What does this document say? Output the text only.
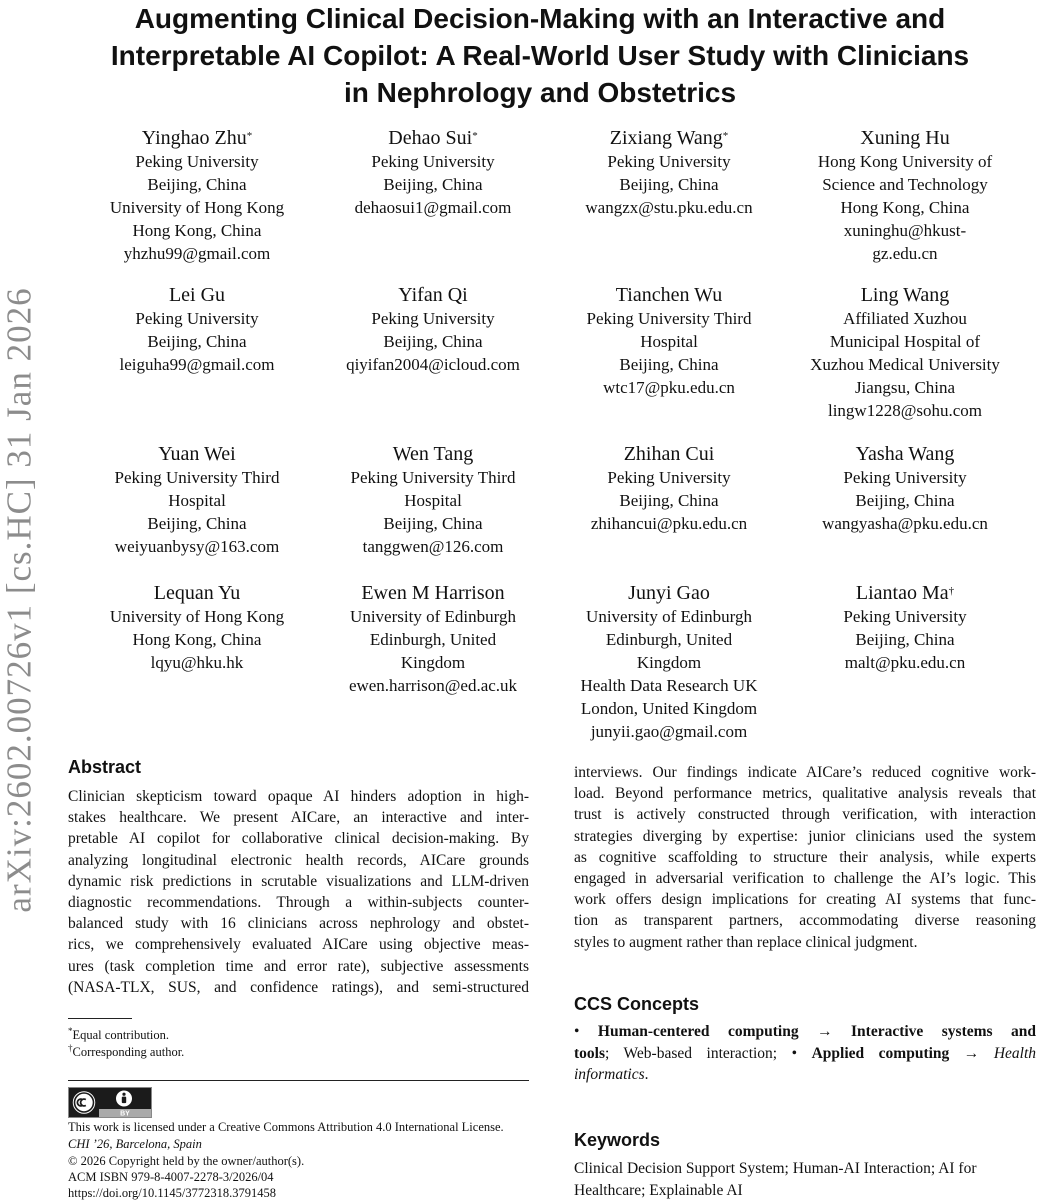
Augmenting Clinical Decision-Making with an Interactive and
Interpretable AI Copilot: A Real-World User Study with Clinicians
in Nephrology and Obstetrics
arXiv:2602.00726v1 [cs.HC] 31 Jan 2026
Yinghao Zhu*
Peking University
Beijing, China
University of Hong Kong
Hong Kong, China
yhzhu99@gmail.com
Dehao Sui*
Peking University
Beijing, China
dehaosui1@gmail.com
Zixiang Wang*
Peking University
Beijing, China
wangzx@stu.pku.edu.cn
Xuning Hu
Hong Kong University of
Science and Technology
Hong Kong, China
xuninghu@hkust-
gz.edu.cn
Lei Gu
Peking University
Beijing, China
leiguha99@gmail.com
Yifan Qi
Peking University
Beijing, China
qiyifan2004@icloud.com
Tianchen Wu
Peking University Third
Hospital
Beijing, China
wtc17@pku.edu.cn
Ling Wang
Affiliated Xuzhou
Municipal Hospital of
Xuzhou Medical University
Jiangsu, China
lingw1228@sohu.com
Yuan Wei
Peking University Third
Hospital
Beijing, China
weiyuanbysy@163.com
Wen Tang
Peking University Third
Hospital
Beijing, China
tanggwen@126.com
Zhihan Cui
Peking University
Beijing, China
zhihancui@pku.edu.cn
Yasha Wang
Peking University
Beijing, China
wangyasha@pku.edu.cn
Lequan Yu
University of Hong Kong
Hong Kong, China
lqyu@hku.hk
Ewen M Harrison
University of Edinburgh
Edinburgh, United
Kingdom
ewen.harrison@ed.ac.uk
Junyi Gao
University of Edinburgh
Edinburgh, United
Kingdom
Health Data Research UK
London, United Kingdom
junyii.gao@gmail.com
Liantao Ma†
Peking University
Beijing, China
malt@pku.edu.cn
Abstract
Clinician skepticism toward opaque AI hinders adoption in high-
stakes healthcare. We present AICare, an interactive and inter-
pretable AI copilot for collaborative clinical decision-making. By
analyzing longitudinal electronic health records, AICare grounds
dynamic risk predictions in scrutable visualizations and LLM-driven
diagnostic recommendations. Through a within-subjects counter-
balanced study with 16 clinicians across nephrology and obstet-
rics, we comprehensively evaluated AICare using objective meas-
ures (task completion time and error rate), subjective assessments
(NASA-TLX, SUS, and confidence ratings), and semi-structured
interviews. Our findings indicate AICare’s reduced cognitive work-
load. Beyond performance metrics, qualitative analysis reveals that
trust is actively constructed through verification, with interaction
strategies diverging by expertise: junior clinicians used the system
as cognitive scaffolding to structure their analysis, while experts
engaged in adversarial verification to challenge the AI’s logic. This
work offers design implications for creating AI systems that func-
tion as transparent partners, accommodating diverse reasoning
styles to augment rather than replace clinical judgment.
*Equal contribution.
†Corresponding author.
BY
This work is licensed under a Creative Commons Attribution 4.0 International License.
CHI ’26, Barcelona, Spain
© 2026 Copyright held by the owner/author(s).
ACM ISBN 979-8-4007-2278-3/2026/04
https://doi.org/10.1145/3772318.3791458
CCS Concepts
• Human-centered computing → Interactive systems and
tools; Web-based interaction; • Applied computing → Health
informatics.
Keywords
Clinical Decision Support System; Human-AI Interaction; AI for
Healthcare; Explainable AI
